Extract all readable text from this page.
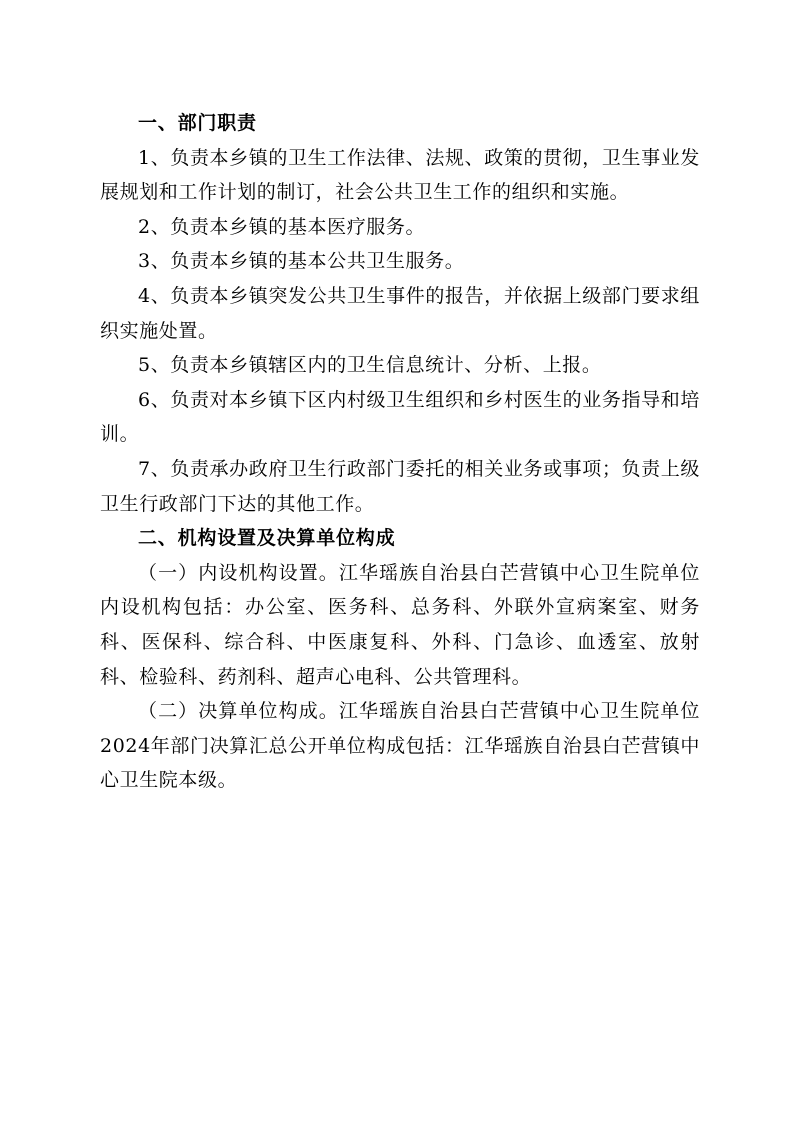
一、部门职责
1、负责本乡镇的卫生工作法律、法规、政策的贯彻，卫生事业发展规划和工作计划的制订，社会公共卫生工作的组织和实施。
2、负责本乡镇的基本医疗服务。
3、负责本乡镇的基本公共卫生服务。
4、负责本乡镇突发公共卫生事件的报告，并依据上级部门要求组织实施处置。
5、负责本乡镇辖区内的卫生信息统计、分析、上报。
6、负责对本乡镇下区内村级卫生组织和乡村医生的业务指导和培训。
7、负责承办政府卫生行政部门委托的相关业务或事项；负责上级卫生行政部门下达的其他工作。
二、机构设置及决算单位构成
（一）内设机构设置。江华瑶族自治县白芒营镇中心卫生院单位内设机构包括：办公室、医务科、总务科、外联外宣病案室、财务科、医保科、综合科、中医康复科、外科、门急诊、血透室、放射科、检验科、药剂科、超声心电科、公共管理科。
（二）决算单位构成。江华瑶族自治县白芒营镇中心卫生院单位2024年部门决算汇总公开单位构成包括：江华瑶族自治县白芒营镇中心卫生院本级。
